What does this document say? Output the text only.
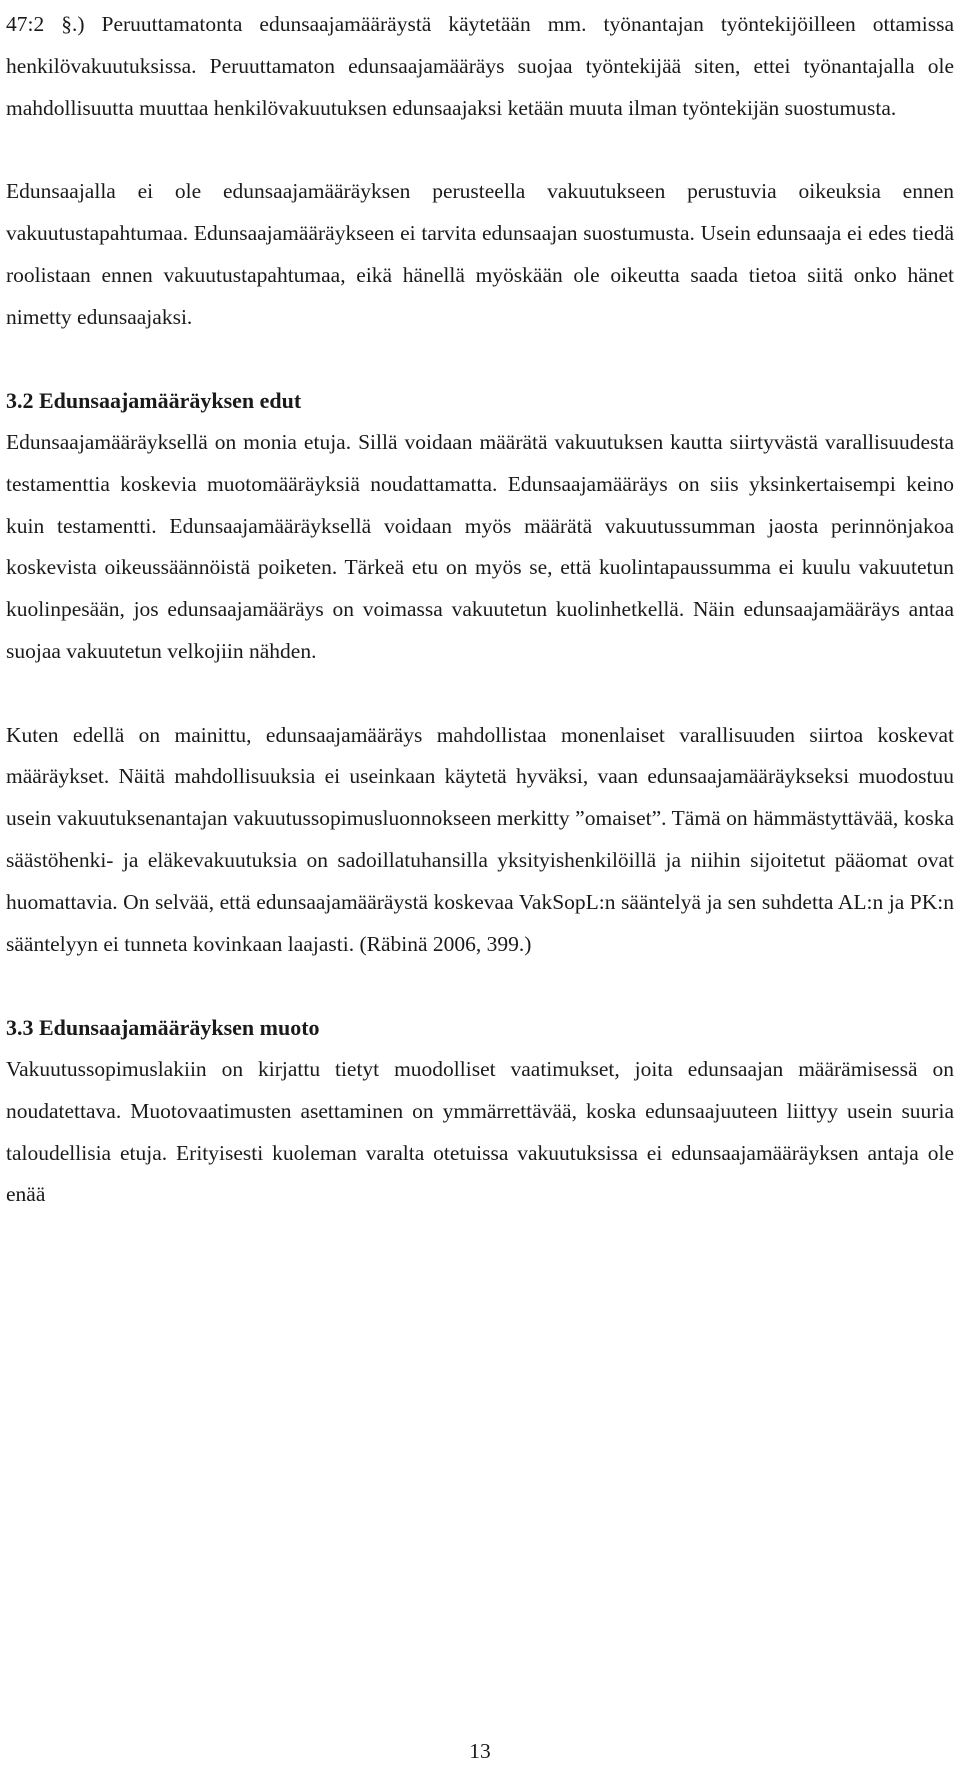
47:2 §.) Peruuttamatonta edunsaajamääräystä käytetään mm. työnantajan työntekijöilleen ottamissa henkilövakuutuksissa. Peruuttamaton edunsaajamääräys suojaa työntekijää siten, ettei työnantajalla ole mahdollisuutta muuttaa henkilövakuutuksen edunsaajaksi ketään muuta ilman työntekijän suostumusta.

Edunsaajalla ei ole edunsaajamääräyksen perusteella vakuutukseen perustuvia oikeuksia ennen vakuutustapahtumaa. Edunsaajamääräykseen ei tarvita edunsaajan suostumusta. Usein edunsaaja ei edes tiedä roolistaan ennen vakuutustapahtumaa, eikä hänellä myöskään ole oikeutta saada tietoa siitä onko hänet nimetty edunsaajaksi.

3.2 Edunsaajamääräyksen edut

Edunsaajamääräyksellä on monia etuja. Sillä voidaan määrätä vakuutuksen kautta siirtyvästä varallisuudesta testamenttia koskevia muotomääräyksiä noudattamatta. Edunsaajamääräys on siis yksinkertaisempi keino kuin testamentti. Edunsaajamääräyksellä voidaan myös määrätä vakuutussumman jaosta perinnönjakoa koskevista oikeussäännöistä poiketen. Tärkeä etu on myös se, että kuolintapaussumma ei kuulu vakuutetun kuolinpesään, jos edunsaajamääräys on voimassa vakuutetun kuolinhetkellä. Näin edunsaajamääräys antaa suojaa vakuutetun velkojiin nähden.

Kuten edellä on mainittu, edunsaajamääräys mahdollistaa monenlaiset varallisuuden siirtoa koskevat määräykset. Näitä mahdollisuuksia ei useinkaan käytetä hyväksi, vaan edunsaajamääräykseksi muodostuu usein vakuutuksenantajan vakuutussopimusluonnokseen merkitty ”omaiset”. Tämä on hämmästyttävää, koska säästöhenki- ja eläkevakuutuksia on sadoillatuhansilla yksityishenkilöillä ja niihin sijoitetut pääomat ovat huomattavia. On selvää, että edunsaajamääräystä koskevaa VakSopL:n sääntelyä ja sen suhdetta AL:n ja PK:n sääntelyyn ei tunneta kovinkaan laajasti. (Räbinä 2006, 399.)

3.3 Edunsaajamääräyksen muoto

Vakuutussopimuslakiin on kirjattu tietyt muodolliset vaatimukset, joita edunsaajan määrämisessä on noudatettava. Muotovaatimusten asettaminen on ymmärrettävää, koska edunsaajuuteen liittyy usein suuria taloudellisia etuja. Erityisesti kuoleman varalta otetuissa vakuutuksissa ei edunsaajamääräyksen antaja ole enää

13
